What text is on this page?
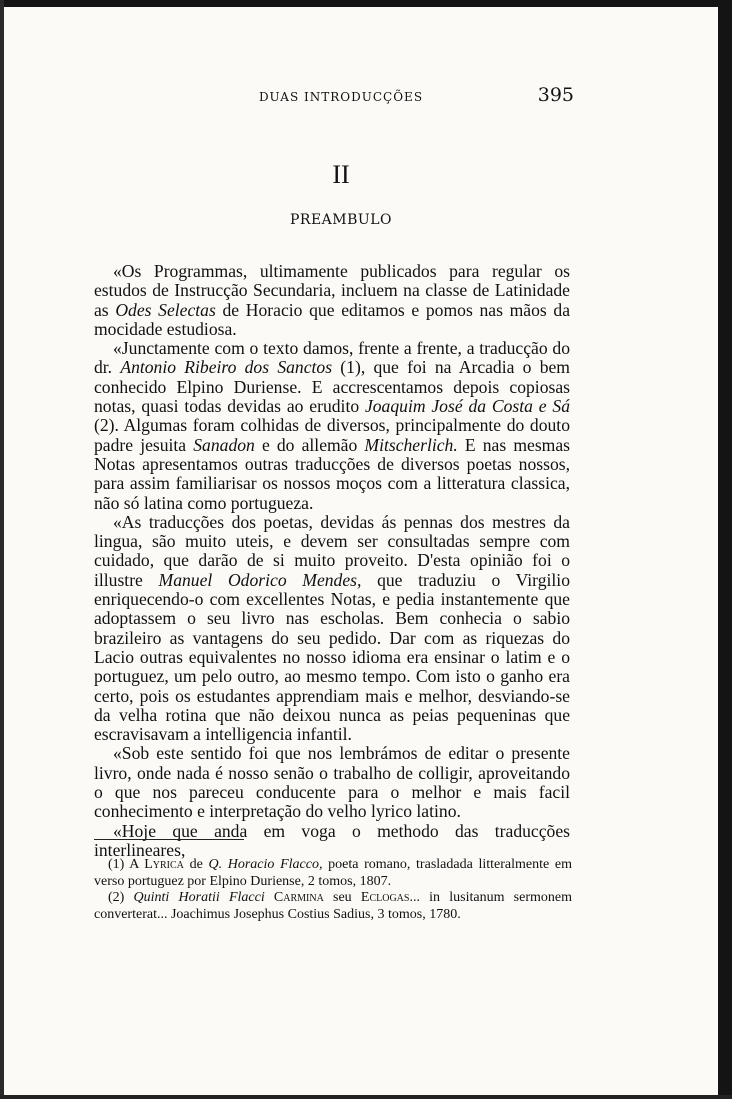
DUAS INTRODUCÇÕES	395
II
PREAMBULO

«Os Programmas, ultimamente publicados para regular os estudos de Instrucção Secundaria, incluem na classe de Latinidade as Odes Selectas de Horacio que editamos e pomos nas mãos da mocidade estudiosa.

«Junctamente com o texto damos, frente a frente, a traducção do dr. Antonio Ribeiro dos Sanctos (1), que foi na Arcadia o bem conhecido Elpino Duriense. E accrescentamos depois copiosas notas, quasi todas devidas ao erudito Joaquim José da Costa e Sá (2). Algumas foram colhidas de diversos, principalmente do douto padre jesuita Sanadon e do allemão Mitscherlich. E nas mesmas Notas apresentamos outras traducções de diversos poetas nossos, para assim familiarisar os nossos moços com a litteratura classica, não só latina como portugueza.

«As traducções dos poetas, devidas ás pennas dos mestres da lingua, são muito uteis, e devem ser consultadas sempre com cuidado, que darão de si muito proveito. D'esta opinião foi o illustre Manuel Odorico Mendes, que traduziu o Virgilio enriquecendo-o com excellentes Notas, e pedia instantemente que adoptassem o seu livro nas escholas. Bem conhecia o sabio brazileiro as vantagens do seu pedido. Dar com as riquezas do Lacio outras equivalentes no nosso idioma era ensinar o latim e o portuguez, um pelo outro, ao mesmo tempo. Com isto o ganho era certo, pois os estudantes apprendiam mais e melhor, desviando-se da velha rotina que não deixou nunca as peias pequeninas que escravisavam a intelligencia infantil.

«Sob este sentido foi que nos lembrámos de editar o presente livro, onde nada é nosso senão o trabalho de colligir, aproveitando o que nos pareceu conducente para o melhor e mais facil conhecimento e interpretação do velho lyrico latino.

«Hoje que anda em voga o methodo das traducções interlineares,

(1) A Lyrica de Q. Horacio Flacco, poeta romano, trasladada litteralmente em verso portuguez por Elpino Duriense, 2 tomos, 1807.

(2) Quinti Horatii Flacci Carmina seu Eclogas... in lusitanum sermonem converterat... Joachimus Josephus Costius Sadius, 3 tomos, 1780.
